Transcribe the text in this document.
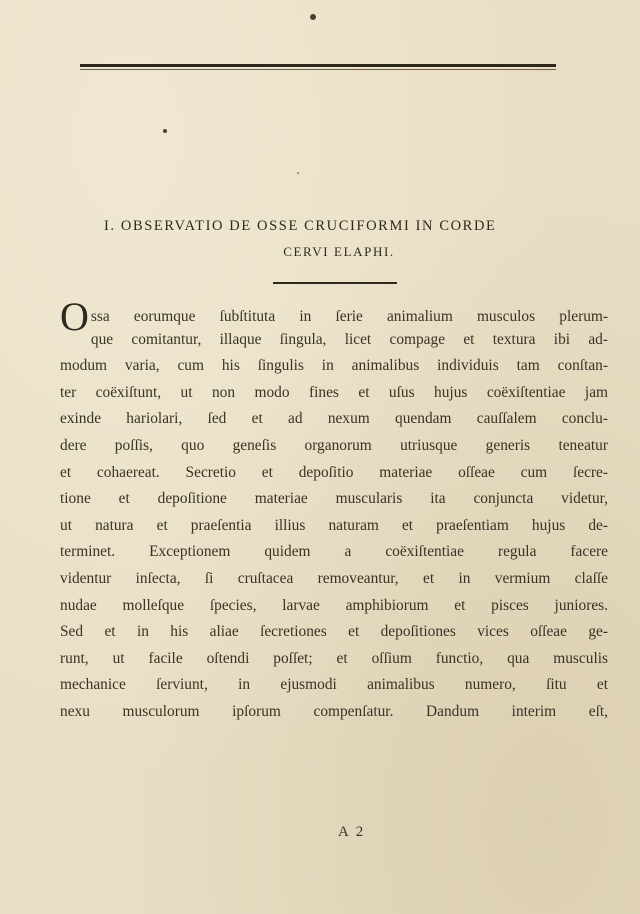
I. OBSERVATIO DE OSSE CRUCIFORMI IN CORDE
CERVI ELAPHI.
O ssa eorumque ſubſtituta in ſerie animalium musculos plerum-
que comitantur, illaque ſingula, licet compage et textura ibi ad-
modum varia, cum his ſingulis in animalibus individuis tam conſtan-
ter coëxiſtunt, ut non modo fines et uſus hujus coëxiſtentiae jam
exinde hariolari, ſed et ad nexum quendam cauſſalem conclu-
dere poſſis, quo geneſis organorum utriusque generis teneatur
et cohaereat. Secretio et depoſitio materiae oſſeae cum ſecre-
tione et depoſitione materiae muscularis ita conjuncta videtur,
ut natura et praeſentia illius naturam et praeſentiam hujus de-
terminet. Exceptionem quidem a coëxiſtentiae regula facere
videntur inſecta, ſi cruſtacea removeantur, et in vermium claſſe
nudae molleſque ſpecies, larvae amphibiorum et pisces juniores.
Sed et in his aliae ſecretiones et depoſitiones vices oſſeae ge-
runt, ut facile oſtendi poſſet; et oſſium functio, qua musculis
mechanice ſerviunt, in ejusmodi animalibus numero, ſitu et
nexu musculorum ipſorum compenſatur. Dandum interim eſt,
A 2
